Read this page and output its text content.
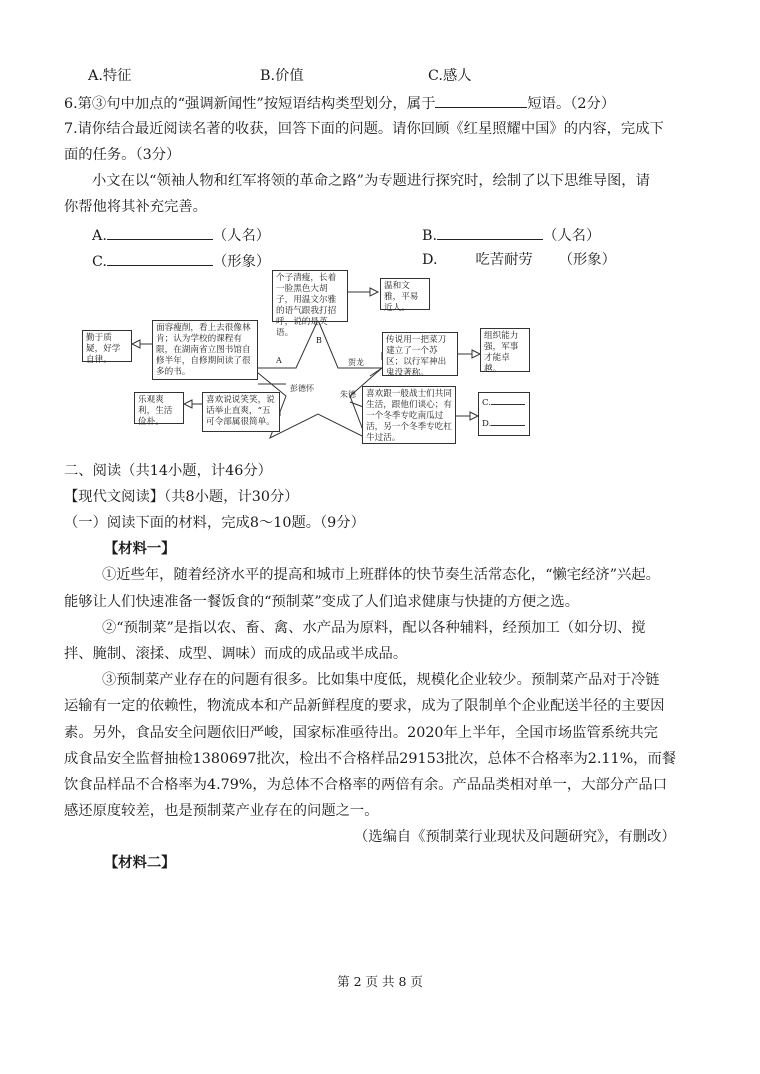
A.特征	B.价值	C.感人
6.第③句中加点的“强调新闻性”按短语结构类型划分，属于	短语。（2分）
7.请你结合最近阅读名著的收获，回答下面的问题。请你回顾《红星照耀中国》的内容，完成下
面的任务。（3分）
小文在以“领袖人物和红军将领的革命之路”为专题进行探究时，绘制了以下思维导图，请
你帮他将其补充完善。
A.	（人名）	B.	（人名）
C.	（形象）	D.	吃苦耐劳 （形象）
个子清瘦，长着一脸黑色大胡子，用温文尔雅的语气跟我打招呼，说的是英语。
温和文雅，平易近人。
面容瘦削，看上去很像林肯；认为学校的课程有限，在湖南省立图书馆自修半年，自修期间读了很多的书。
勤于质疑，好学自律。
传说用一把菜刀建立了一个苏区；以行军神出鬼没著称。
组织能力强，军事才能卓越。
喜欢说说笑笑，说话举止直爽，“五可令部属很简单。
乐观爽利，生活俭朴。
喜欢跟一般战士们共同生活，跟他们谈心；有一个冬季专吃南瓜过活，另一个冬季专吃杠牛过活。
C.
D.
B
A	贺龙
彭德怀
朱德
二、阅读（共14小题，计46分）
【现代文阅读】（共8小题，计30分）
（一）阅读下面的材料，完成8～10题。（9分）
【材料一】
①近些年，随着经济水平的提高和城市上班群体的快节奏生活常态化，“懒宅经济”兴起。
能够让人们快速准备一餐饭食的“预制菜”变成了人们追求健康与快捷的方便之选。
②“预制菜”是指以农、畜、禽、水产品为原料，配以各种辅料，经预加工（如分切、搅
拌、腌制、滚揉、成型、调味）而成的成品或半成品。
③预制菜产业存在的问题有很多。比如集中度低，规模化企业较少。预制菜产品对于冷链
运输有一定的依赖性，物流成本和产品新鲜程度的要求，成为了限制单个企业配送半径的主要因
素。另外，食品安全问题依旧严峻，国家标准亟待出。2020年上半年，全国市场监管系统共完
成食品安全监督抽检1380697批次，检出不合格样品29153批次，总体不合格率为2.11%，而餐
饮食品样品不合格率为4.79%，为总体不合格率的两倍有余。产品品类相对单一，大部分产品口
感还原度较差，也是预制菜产业存在的问题之一。
（选编自《预制菜行业现状及问题研究》，有删改）
【材料二】
第 2 页 共 8 页
